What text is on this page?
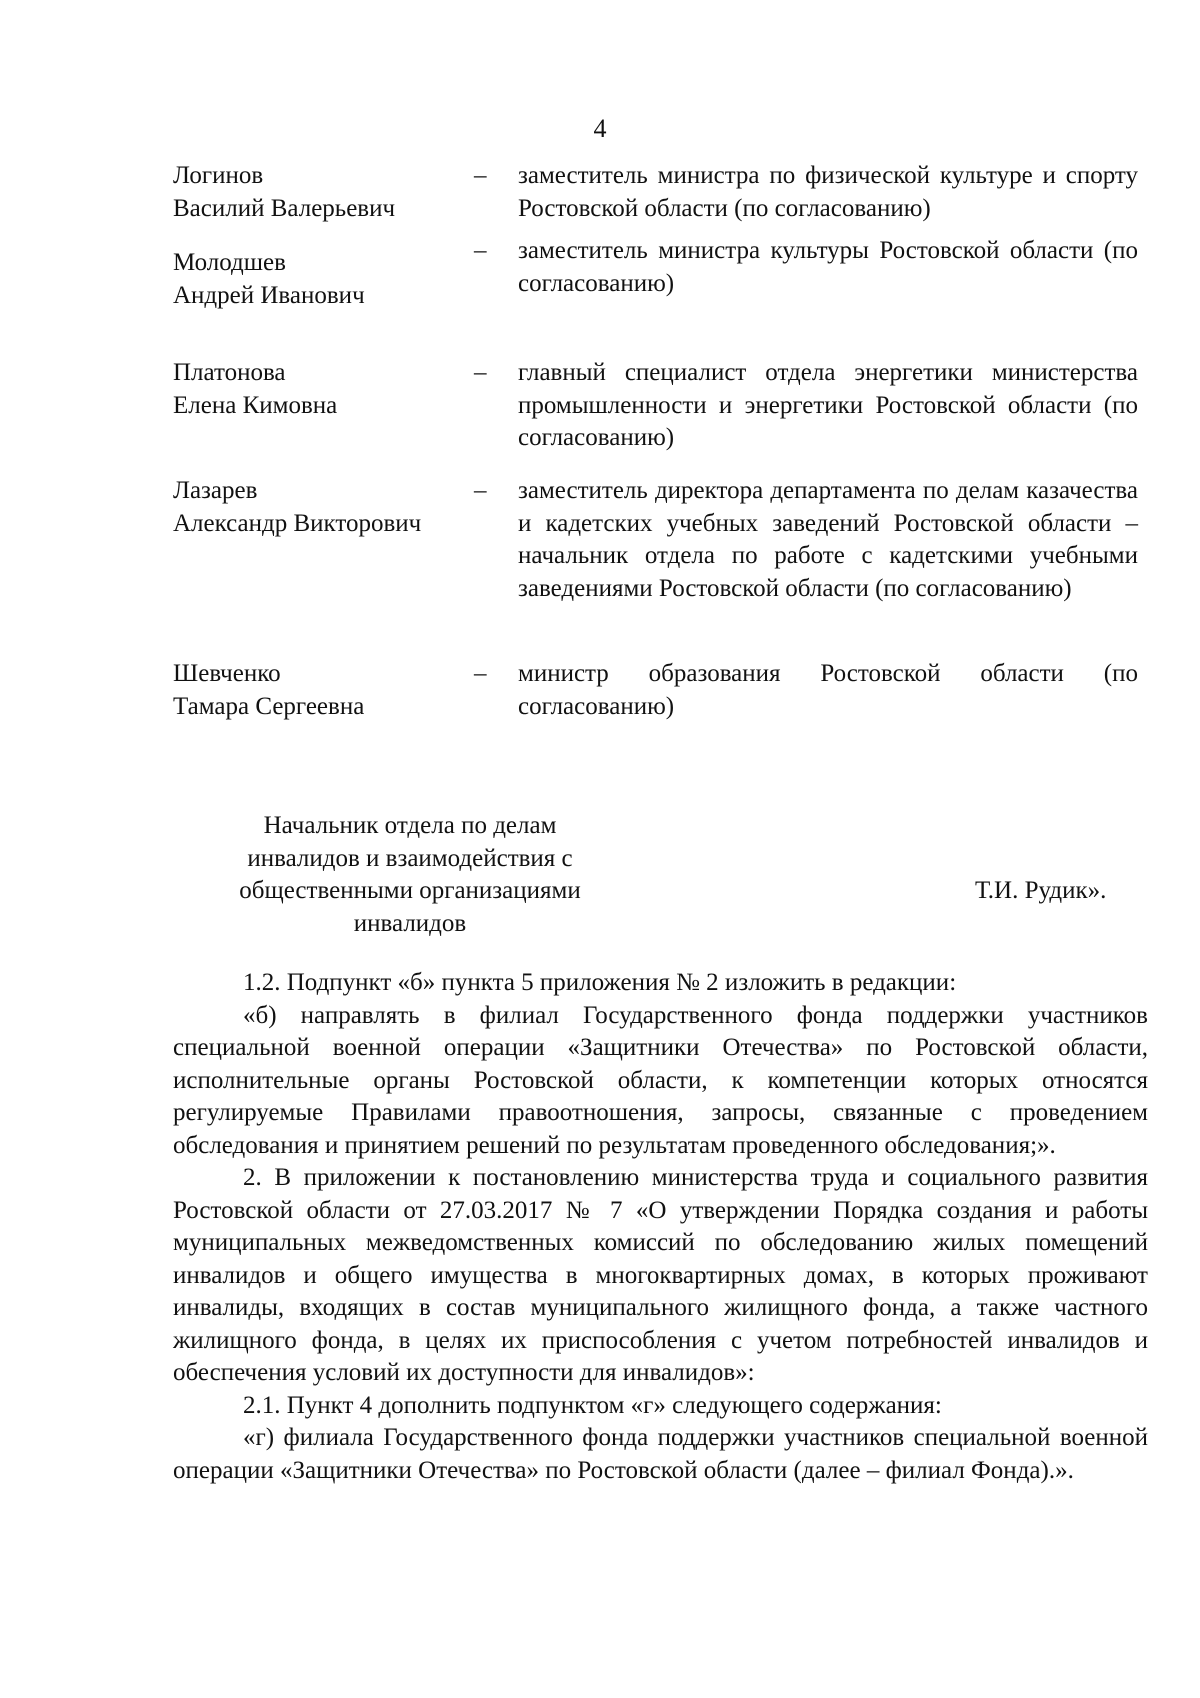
4
Логинов
Василий Валерьевич
– заместитель министра по физической культуре и спорту Ростовской области (по согласованию)
Молодшев
Андрей Иванович
– заместитель министра культуры Ростовской области (по согласованию)
Платонова
Елена Кимовна
– главный специалист отдела энергетики министерства промышленности и энергетики Ростовской области (по согласованию)
Лазарев
Александр Викторович
– заместитель директора департамента по делам казачества и кадетских учебных заведений Ростовской области – начальник отдела по работе с кадетскими учебными заведениями Ростовской области (по согласованию)
Шевченко
Тамара Сергеевна
– министр образования Ростовской области (по согласованию)
Начальник отдела по делам
инвалидов и взаимодействия с
общественными организациями
инвалидов
Т.И. Рудик».

1.2. Подпункт «б» пункта 5 приложения № 2 изложить в редакции:

«б) направлять в филиал Государственного фонда поддержки участников специальной военной операции «Защитники Отечества» по Ростовской области, исполнительные органы Ростовской области, к компетенции которых относятся регулируемые Правилами правоотношения, запросы, связанные с проведением обследования и принятием решений по результатам проведенного обследования;».

2. В приложении к постановлению министерства труда и социального развития Ростовской области от 27.03.2017 № 7 «О утверждении Порядка создания и работы муниципальных межведомственных комиссий по обследованию жилых помещений инвалидов и общего имущества в многоквартирных домах, в которых проживают инвалиды, входящих в состав муниципального жилищного фонда, а также частного жилищного фонда, в целях их приспособления с учетом потребностей инвалидов и обеспечения условий их доступности для инвалидов»:

2.1. Пункт 4 дополнить подпунктом «г» следующего содержания:

«г) филиала Государственного фонда поддержки участников специальной военной операции «Защитники Отечества» по Ростовской области (далее – филиал Фонда).».
